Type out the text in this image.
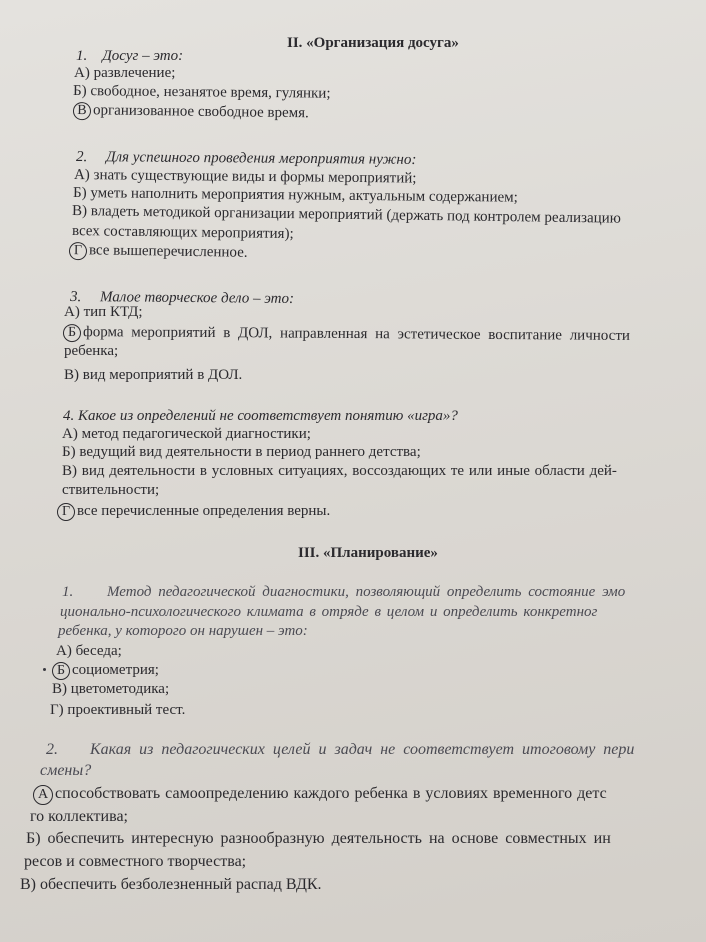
II. «Организация досуга»
1. Досуг – это:
А) развлечение;
Б) свободное, незанятое время, гулянки;
В организованное свободное время.
2. Для успешного проведения мероприятия нужно:
А) знать существующие виды и формы мероприятий;
Б) уметь наполнить мероприятия нужным, актуальным содержанием;
В) владеть методикой организации мероприятий (держать под контролем реализацию
всех составляющих мероприятия);
Г все вышеперечисленное.
3. Малое творческое дело – это:
А) тип КТД;
Б форма мероприятий в ДОЛ, направленная на эстетическое воспитание личности
ребенка;
В) вид мероприятий в ДОЛ.
4. Какое из определений не соответствует понятию «игра»?
А) метод педагогической диагностики;
Б) ведущий вид деятельности в период раннего детства;
В) вид деятельности в условных ситуациях, воссоздающих те или иные области дей-
ствительности;
Г все перечисленные определения верны.
III. «Планирование»
1. Метод педагогической диагностики, позволяющий определить состояние эмо
ционально-психологического климата в отряде в целом и определить конкретног
ребенка, у которого он нарушен – это:
А) беседа;
Б социометрия;
В) цветометодика;
Г) проективный тест.
2. Какая из педагогических целей и задач не соответствует итоговому пери
смены?
А способствовать самоопределению каждого ребенка в условиях временного детс
го коллектива;
Б) обеспечить интересную разнообразную деятельность на основе совместных ин
ресов и совместного творчества;
В) обеспечить безболезненный распад ВДК.
